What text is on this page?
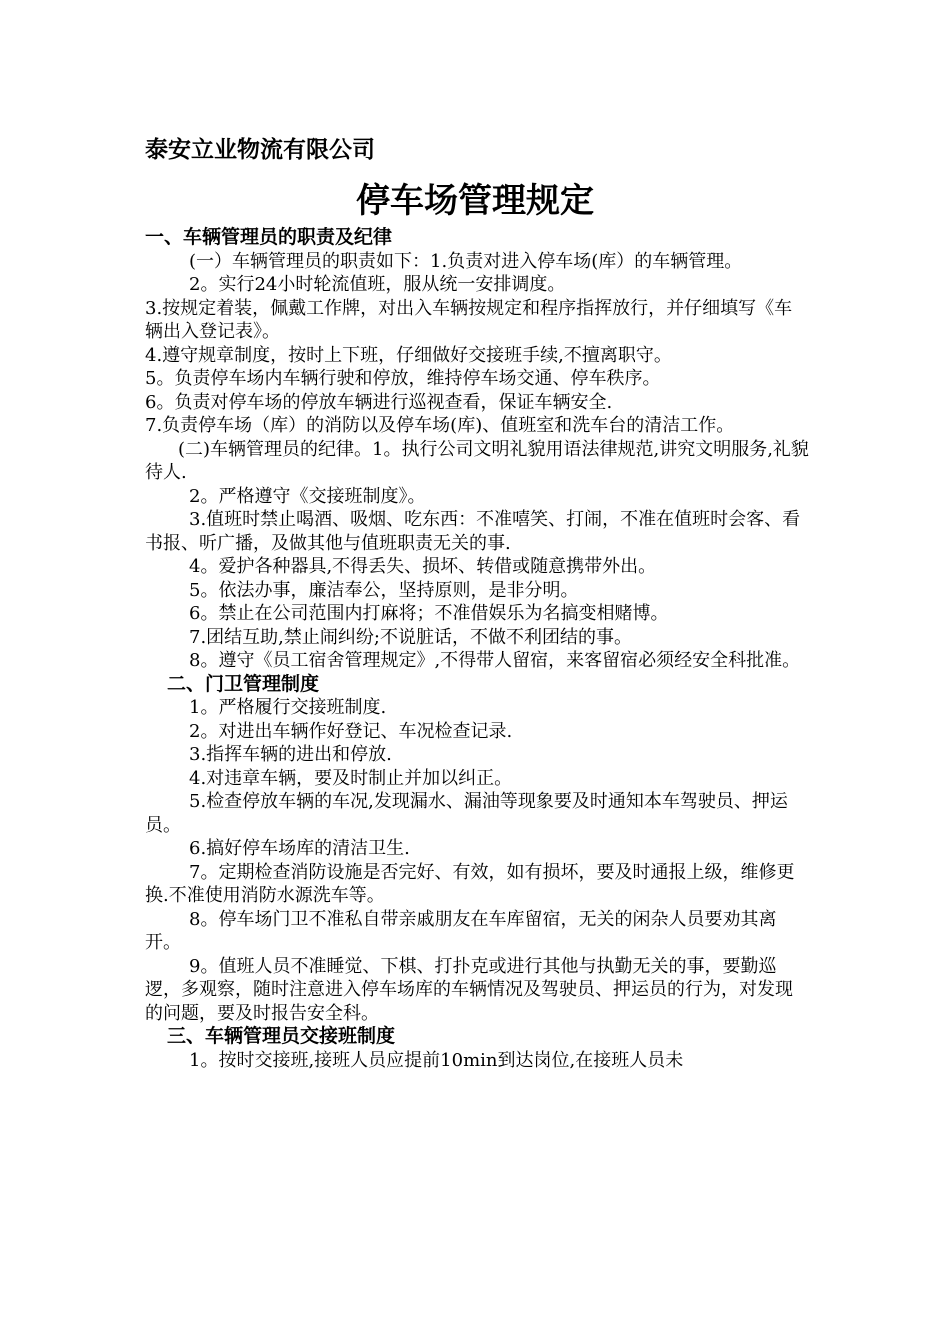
泰安立业物流有限公司
停车场管理规定

一、车辆管理员的职责及纪律

(一）车辆管理员的职责如下：1.负责对进入停车场(库）的车辆管理。

2。实行24小时轮流值班，服从统一安排调度。

3.按规定着装，佩戴工作牌，对出入车辆按规定和程序指挥放行，并仔细填写《车辆出入登记表》。

4.遵守规章制度，按时上下班，仔细做好交接班手续,不擅离职守。

5。负责停车场内车辆行驶和停放，维持停车场交通、停车秩序。

6。负责对停车场的停放车辆进行巡视查看，保证车辆安全.

7.负责停车场（库）的消防以及停车场(库)、值班室和洗车台的清洁工作。

(二)车辆管理员的纪律。1。执行公司文明礼貌用语法律规范,讲究文明服务,礼貌待人.

2。严格遵守《交接班制度》。

3.值班时禁止喝酒、吸烟、吃东西：不准嘻笑、打闹，不准在值班时会客、看书报、听广播，及做其他与值班职责无关的事.

4。爱护各种器具,不得丢失、损坏、转借或随意携带外出。

5。依法办事，廉洁奉公，坚持原则，是非分明。

6。禁止在公司范围内打麻将；不准借娱乐为名搞变相赌博。

7.团结互助,禁止闹纠纷;不说脏话，不做不利团结的事。

8。遵守《员工宿舍管理规定》,不得带人留宿，来客留宿必须经安全科批准。

二、门卫管理制度

1。严格履行交接班制度.

2。对进出车辆作好登记、车况检查记录.

3.指挥车辆的进出和停放.

4.对违章车辆，要及时制止并加以纠正。

5.检查停放车辆的车况,发现漏水、漏油等现象要及时通知本车驾驶员、押运员。

6.搞好停车场库的清洁卫生.

7。定期检查消防设施是否完好、有效，如有损坏，要及时通报上级，维修更换.不准使用消防水源洗车等。

8。停车场门卫不准私自带亲戚朋友在车库留宿，无关的闲杂人员要劝其离开。

9。值班人员不准睡觉、下棋、打扑克或进行其他与执勤无关的事，要勤巡逻，多观察，随时注意进入停车场库的车辆情况及驾驶员、押运员的行为，对发现的问题，要及时报告安全科。

三、车辆管理员交接班制度

1。按时交接班,接班人员应提前10min到达岗位,在接班人员未
